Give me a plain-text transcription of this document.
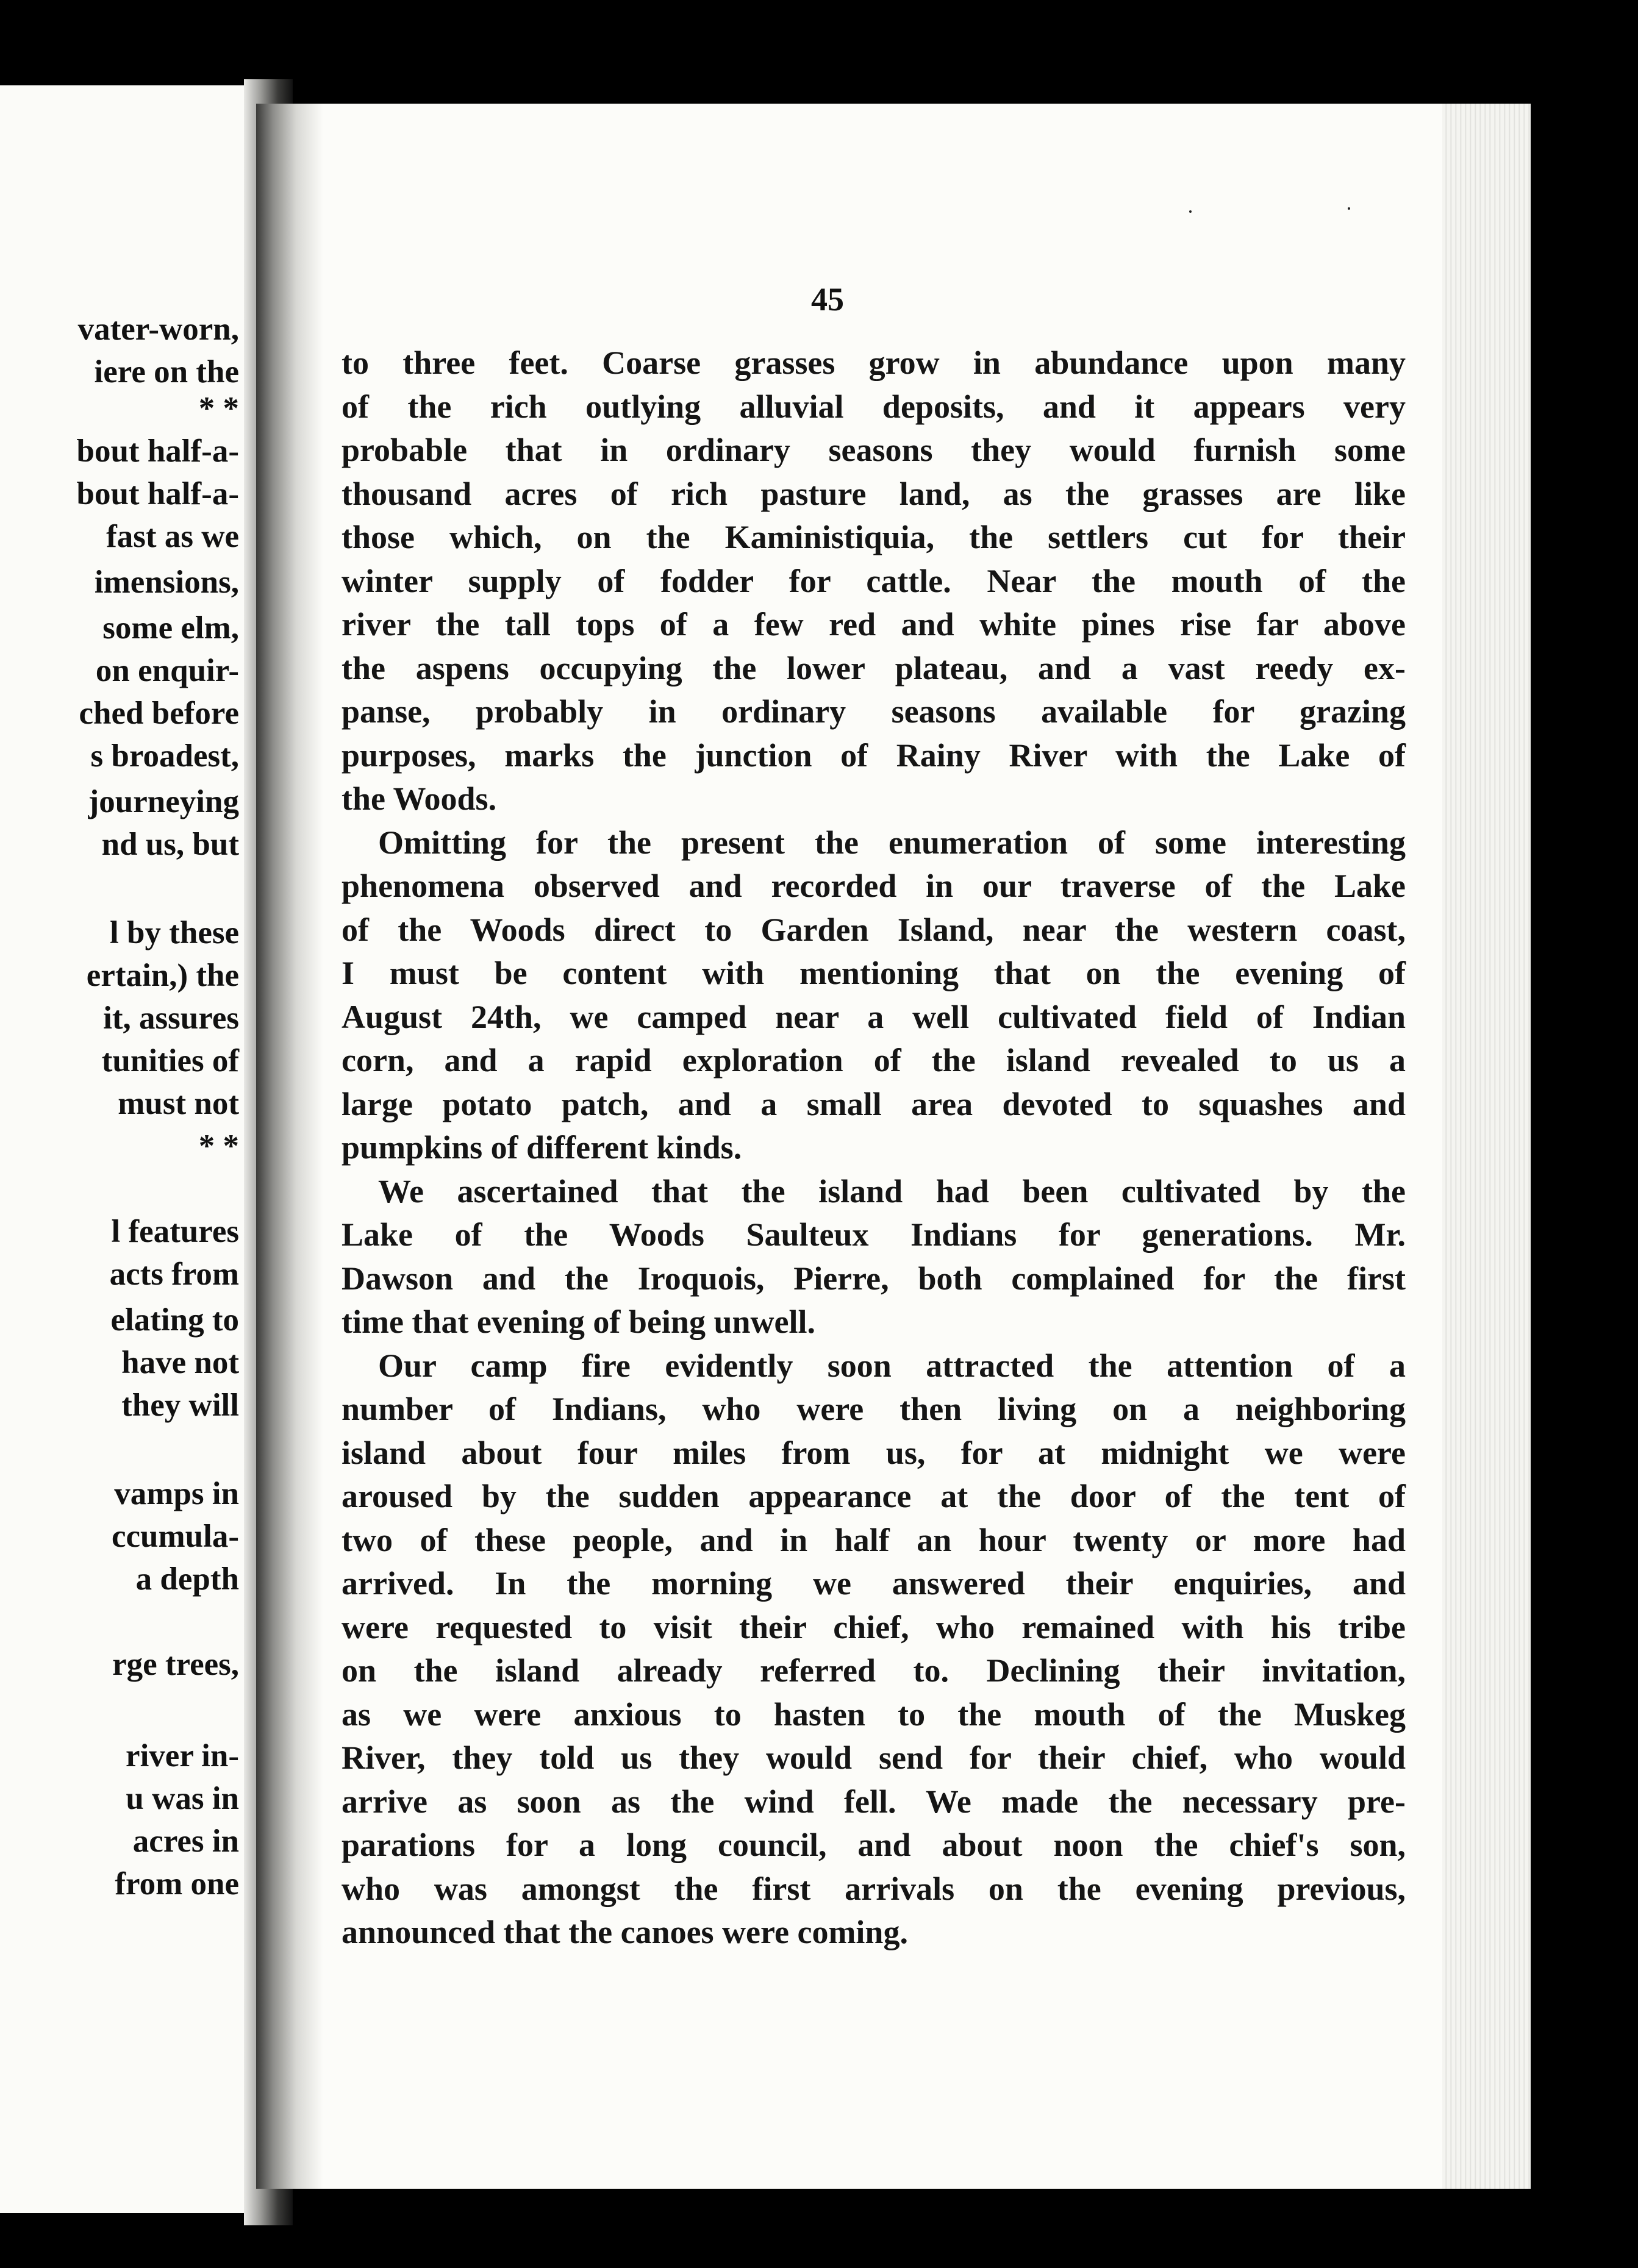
vater-worn,
iere on the
* *
bout half-a-
bout half-a-
fast as we
imensions,
some elm,
on enquir-
ched before
s broadest,
journeying
nd us, but
l by these
ertain,) the
it, assures
tunities of
must not
* *
l features
acts from
elating to
have not
they will
vamps in
ccumula-
a depth
rge trees,
river in-
u was in
acres in
from one
45
to three feet. Coarse grasses grow in abundance upon many
of the rich outlying alluvial deposits, and it appears very
probable that in ordinary seasons they would furnish some
thousand acres of rich pasture land, as the grasses are like
those which, on the Kaministiquia, the settlers cut for their
winter supply of fodder for cattle. Near the mouth of the
river the tall tops of a few red and white pines rise far above
the aspens occupying the lower plateau, and a vast reedy ex-
panse, probably in ordinary seasons available for grazing
purposes, marks the junction of Rainy River with the Lake of
the Woods.
Omitting for the present the enumeration of some interesting
phenomena observed and recorded in our traverse of the Lake
of the Woods direct to Garden Island, near the western coast,
I must be content with mentioning that on the evening of
August 24th, we camped near a well cultivated field of Indian
corn, and a rapid exploration of the island revealed to us a
large potato patch, and a small area devoted to squashes and
pumpkins of different kinds.
We ascertained that the island had been cultivated by the
Lake of the Woods Saulteux Indians for generations. Mr.
Dawson and the Iroquois, Pierre, both complained for the first
time that evening of being unwell.
Our camp fire evidently soon attracted the attention of a
number of Indians, who were then living on a neighboring
island about four miles from us, for at midnight we were
aroused by the sudden appearance at the door of the tent of
two of these people, and in half an hour twenty or more had
arrived. In the morning we answered their enquiries, and
were requested to visit their chief, who remained with his tribe
on the island already referred to. Declining their invitation,
as we were anxious to hasten to the mouth of the Muskeg
River, they told us they would send for their chief, who would
arrive as soon as the wind fell. We made the necessary pre-
parations for a long council, and about noon the chief's son,
who was amongst the first arrivals on the evening previous,
announced that the canoes were coming.
